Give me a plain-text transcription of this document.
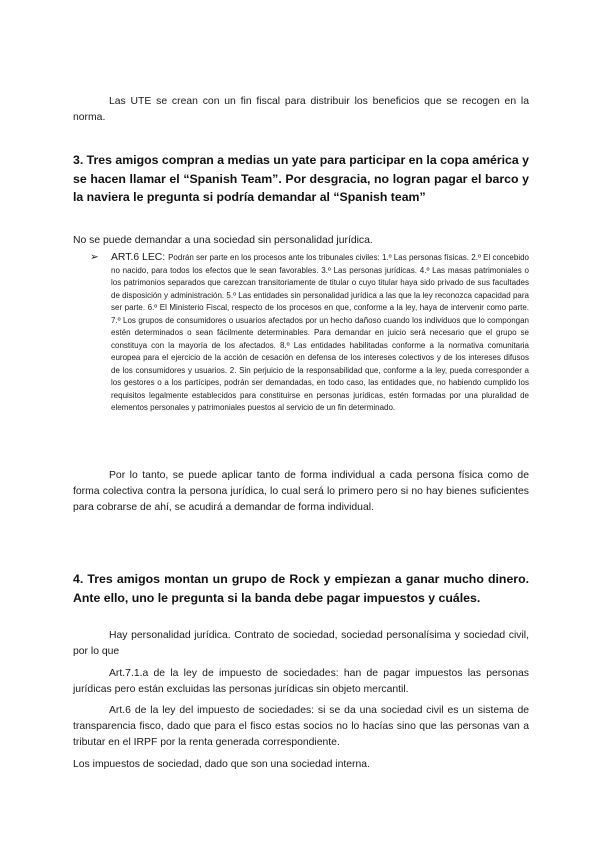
Las UTE se crean con un fin fiscal para distribuir los beneficios que se recogen en la norma.

3. Tres amigos compran a medias un yate para participar en la copa américa y se hacen llamar el “Spanish Team”. Por desgracia, no logran pagar el barco y la naviera le pregunta si podría demandar al “Spanish team”

No se puede demandar a una sociedad sin personalidad jurídica.

➢ ART.6 LEC: Podrán ser parte en los procesos ante los tribunales civiles: 1.º Las personas físicas. 2.º El concebido no nacido, para todos los efectos que le sean favorables. 3.º Las personas jurídicas. 4.º Las masas patrimoniales o los patrimonios separados que carezcan transitoriamente de titular o cuyo titular haya sido privado de sus facultades de disposición y administración. 5.º Las entidades sin personalidad jurídica a las que la ley reconozca capacidad para ser parte. 6.º El Ministerio Fiscal, respecto de los procesos en que, conforme a la ley, haya de intervenir como parte. 7.º Los grupos de consumidores o usuarios afectados por un hecho dañoso cuando los individuos que lo compongan estén determinados o sean fácilmente determinables. Para demandar en juicio será necesario que el grupo se constituya con la mayoría de los afectados. 8.º Las entidades habilitadas conforme a la normativa comunitaria europea para el ejercicio de la acción de cesación en defensa de los intereses colectivos y de los intereses difusos de los consumidores y usuarios. 2. Sin perjuicio de la responsabilidad que, conforme a la ley, pueda corresponder a los gestores o a los partícipes, podrán ser demandadas, en todo caso, las entidades que, no habiendo cumplido los requisitos legalmente establecidos para constituirse en personas jurídicas, estén formadas por una pluralidad de elementos personales y patrimoniales puestos al servicio de un fin determinado.

Por lo tanto, se puede aplicar tanto de forma individual a cada persona física como de forma colectiva contra la persona jurídica, lo cual será lo primero pero si no hay bienes suficientes para cobrarse de ahí, se acudirá a demandar de forma individual.

4. Tres amigos montan un grupo de Rock y empiezan a ganar mucho dinero. Ante ello, uno le pregunta si la banda debe pagar impuestos y cuáles.

Hay personalidad jurídica. Contrato de sociedad, sociedad personalísima y sociedad civil, por lo que

Art.7.1.a de la ley de impuesto de sociedades: han de pagar impuestos las personas jurídicas pero están excluidas las personas jurídicas sin objeto mercantil.

Art.6 de la ley del impuesto de sociedades: si se da una sociedad civil es un sistema de transparencia fisco, dado que para el fisco estas socios no lo hacías sino que las personas van a tributar en el IRPF por la renta generada correspondiente.

Los impuestos de sociedad, dado que son una sociedad interna.
